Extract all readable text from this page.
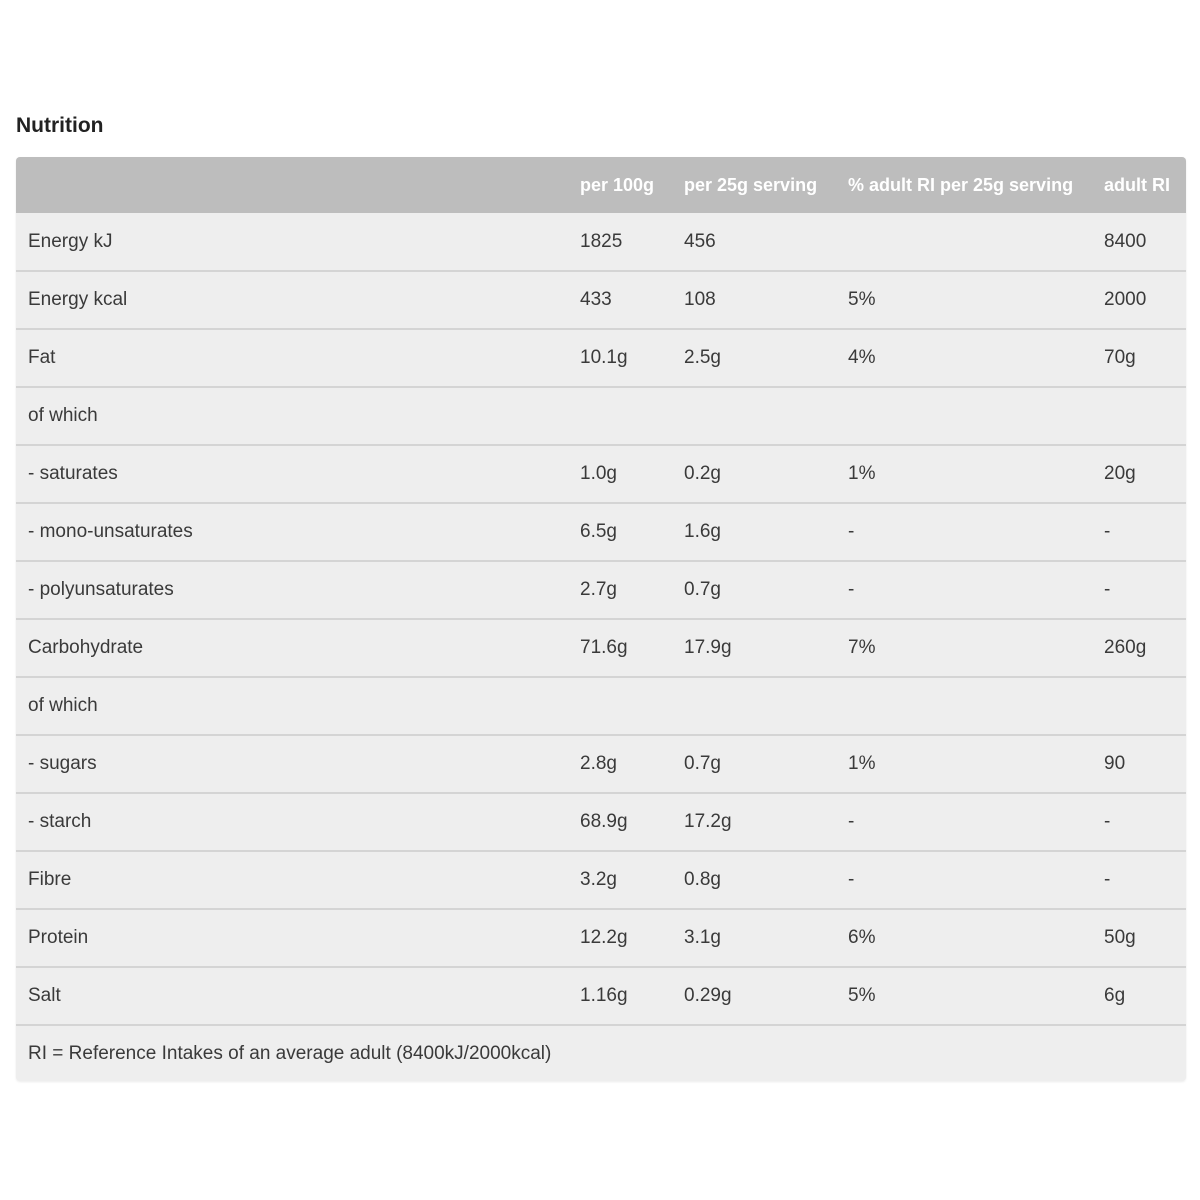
Nutrition
	per 100g	per 25g serving	% adult RI per 25g serving	adult RI
Energy kJ	1825	456		8400
Energy kcal	433	108	5%	2000
Fat	10.1g	2.5g	4%	70g
of which				
- saturates	1.0g	0.2g	1%	20g
- mono-unsaturates	6.5g	1.6g	-	-
- polyunsaturates	2.7g	0.7g	-	-
Carbohydrate	71.6g	17.9g	7%	260g
of which				
- sugars	2.8g	0.7g	1%	90
- starch	68.9g	17.2g	-	-
Fibre	3.2g	0.8g	-	-
Protein	12.2g	3.1g	6%	50g
Salt	1.16g	0.29g	5%	6g
RI = Reference Intakes of an average adult (8400kJ/2000kcal)				
